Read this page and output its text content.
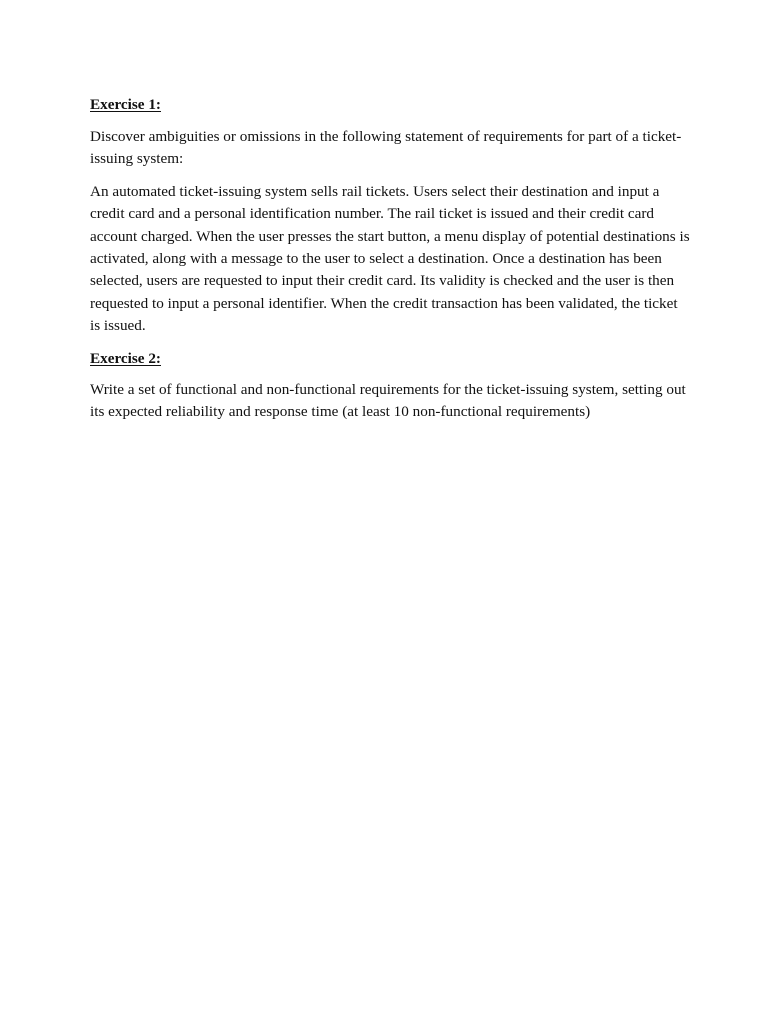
Exercise 1:

Discover ambiguities or omissions in the following statement of requirements for part of a ticket-issuing system:

An automated ticket-issuing system sells rail tickets. Users select their destination and input a credit card and a personal identification number. The rail ticket is issued and their credit card account charged. When the user presses the start button, a menu display of potential destinations is activated, along with a message to the user to select a destination. Once a destination has been selected, users are requested to input their credit card. Its validity is checked and the user is then requested to input a personal identifier. When the credit transaction has been validated, the ticket is issued.

Exercise 2:

Write a set of functional and non-functional requirements for the ticket-issuing system, setting out its expected reliability and response time (at least 10 non-functional requirements)
